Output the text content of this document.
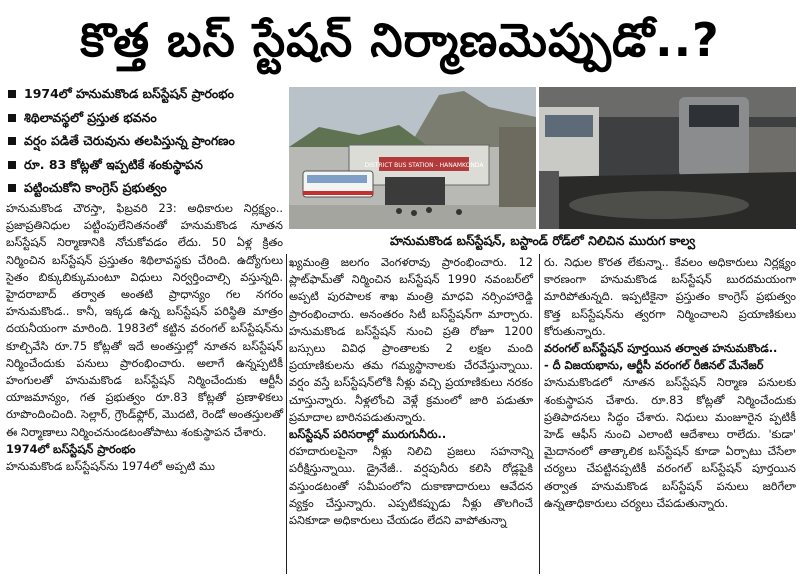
కొత్త బస్ స్టేషన్ నిర్మాణమెప్పుడో..?
1974లో హనుమకొండ బస్‌స్టేషన్ ప్రారంభం
శిథిలావస్థలో ప్రస్తుత భవనం
వర్షం పడితే చెరువును తలపిస్తున్న ప్రాంగణం
రూ. 83 కోట్లతో ఇప్పటికే శంకుస్థాపన
పట్టించుకోని కాంగ్రెస్ ప్రభుత్వం
DISTRICT BUS STATION - HANAMKONDA
హనుమకొండ బస్‌స్టేషన్, బస్టాండ్ రోడ్‌లో నిలిచిన మురుగ కాల్వ

హనుమకొండ చౌరస్తా, ఫిబ్రవరి 23: అధికారుల నిర్లక్ష్యం.. ప్రజాప్రతినిధుల పట్టింపులేనితనంతో హనుమకొండ నూతన బస్‌స్టేషన్ నిర్మాణానికి నోచుకోవడం లేదు. 50 ఏళ్ల క్రితం నిర్మించిన బస్‌స్టేషన్ ప్రస్తుతం శిథిలావస్థకు చేరింది. ఉద్యోగులు సైతం బిక్కుబిక్కుమంటూ విధులు నిర్వర్తించాల్సి వస్తున్నది. హైదరాబాద్ తర్వాత అంతటి ప్రాధాన్యం గల నగరం హనుమకొండ.. కానీ, ఇక్కడ ఉన్న బస్‌స్టేషన్ పరిస్థితి మాత్రం దయనీయంగా మారింది. 1983లో కట్టిన వరంగల్ బస్‌స్టేషన్‌ను కూల్చివేసి రూ.75 కోట్లతో ఇదే అంతస్తుల్లో నూతన బస్‌స్టేషన్ నిర్మించేందుకు పనులు ప్రారంభించారు. అలాగే ఉన్నప్పటికీ హంగులతో హనుమకొండ బస్‌స్టేషన్ నిర్మించేందుకు ఆర్టీసీ యాజమాన్యం, గత ప్రభుత్వం రూ.83 కోట్లతో ప్రణాళికలు రూపొందించింది. సెల్లార్, గ్రౌండ్‌ఫ్లోర్, మొదటి, రెండో అంతస్తులతో ఈ నిర్మాణాలు నిర్మించనుండటంతోపాటు శంకుస్థాపన చేశారు.

1974లో బస్‌స్టేషన్ ప్రారంభం

హనుమకొండ బస్‌స్టేషన్‌ను 1974లో అప్పటి ము

ఖ్యమంత్రి జలగం వెంగళరావు ప్రారంభించారు. 12 ప్లాట్‌ఫామ్‌తో నిర్మించిన బస్‌స్టేషన్ 1990 నవంబర్‌లో అప్పటి పురపాలక శాఖ మంత్రి మాధవి నర్సింహారెడ్డి ప్రారంభించారు. అనంతరం సిటీ బస్‌స్టేషన్‌గా మార్చారు. హనుమకొండ బస్‌స్టేషన్ నుంచి ప్రతి రోజూ 1200 బస్సులు వివిధ ప్రాంతాలకు 2 లక్షల మంది ప్రయాణికులను తమ గమ్యస్థానాలకు చేరవేస్తున్నాయి. వర్షం వస్తే బస్‌స్టేషన్‌లోకి నీళ్లు వచ్చి ప్రయాణికులు నరకం చూస్తున్నారు. నీళ్లలోంచి వెళ్లే క్రమంలో జారి పడుతూ ప్రమాదాల బారినపడుతున్నారు.

బస్‌స్టేషన్ పరిసరాల్లో మురుగునీరు..

రహదారులపైనా నీళ్లు నిలిచి ప్రజలు సహనాన్ని పరీక్షిస్తున్నాయి. డ్రైనేజీ.. వర్షపునీరు కలిసి రోడ్లపైకి వస్తుండటంతో సమీపంలోని దుకాణాదారులు ఆవేదన వ్యక్తం చేస్తున్నారు. ఎప్పటికప్పుడు నీళ్లు తొలగించే పనికూడా అధికారులు చేయడం లేదని వాపోతున్నా

రు. నిధుల కొరత లేకున్నా.. కేవలం అధికారులు నిర్లక్ష్యం కారణంగా హనుమకొండ బస్‌స్టేషన్ బురదమయంగా మారిపోతున్నది. ఇప్పటికైనా ప్రస్తుతం కాంగ్రెస్ ప్రభుత్వం కొత్త బస్‌స్టేషన్‌ను త్వరగా నిర్మించాలని ప్రయాణికులు కోరుతున్నారు.

వరంగల్ బస్‌స్టేషన్ పూర్తయిన తర్వాత హనుమకొండ..

- దీ విజయభాను, ఆర్టీసీ వరంగల్ రీజినల్ మేనేజర్

హనుమకొండలో నూతన బస్‌స్టేషన్ నిర్మాణ పనులకు శంకుస్థాపన చేశారు. రూ.83 కోట్లతో నిర్మించేందుకు ప్రతిపాదనలు సిద్ధం చేశారు. నిధులు మంజూరైన ప్పటికీ హెడ్ ఆఫీస్ నుంచి ఎలాంటి ఆదేశాలు రాలేదు. 'కుడా' మైదానంలో తాత్కాలిక బస్‌స్టేషన్ కూడా ఏర్పాటు చేసేలా చర్యలు చేపట్టినప్పటికీ వరంగల్ బస్‌స్టేషన్ పూర్తయిన తర్వాత హనుమకొండ బస్‌స్టేషన్ పనులు జరిగేలా ఉన్నతాధికారులు చర్యలు చేపడుతున్నారు.
